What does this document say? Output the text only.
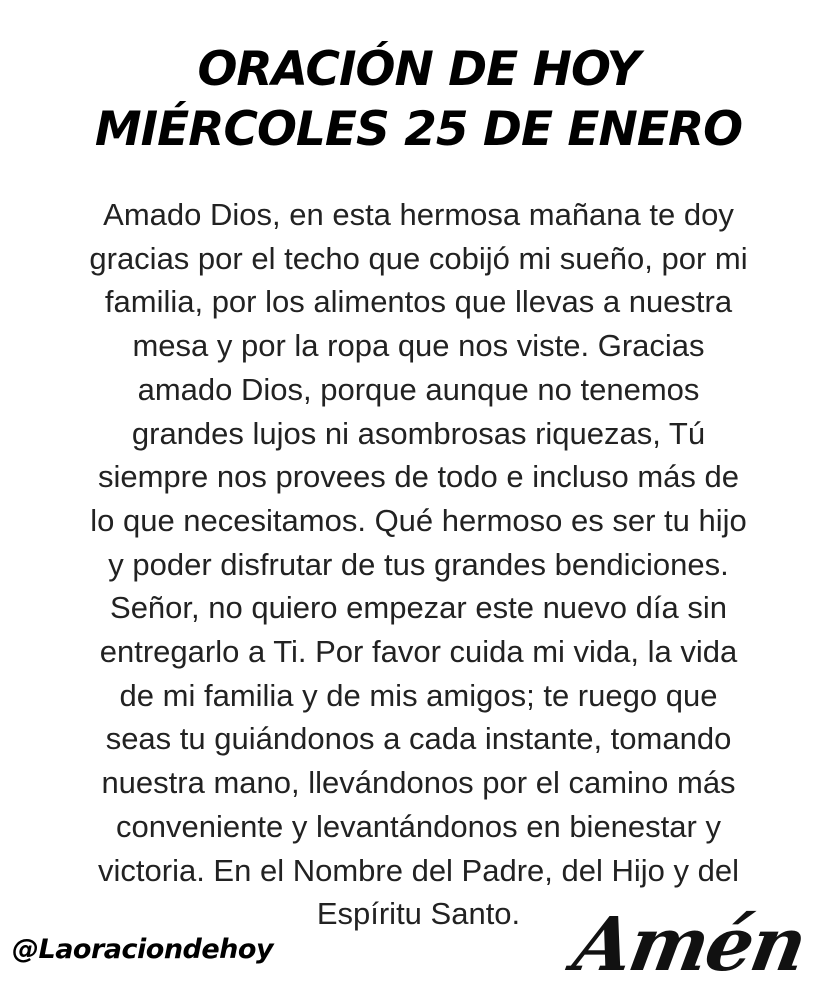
ORACIÓN DE HOY
MIÉRCOLES 25 DE ENERO
Amado Dios, en esta hermosa mañana te doy
gracias por el techo que cobijó mi sueño, por mi
familia, por los alimentos que llevas a nuestra
mesa y por la ropa que nos viste. Gracias
amado Dios, porque aunque no tenemos
grandes lujos ni asombrosas riquezas, Tú
siempre nos provees de todo e incluso más de
lo que necesitamos. Qué hermoso es ser tu hijo
y poder disfrutar de tus grandes bendiciones.
Señor, no quiero empezar este nuevo día sin
entregarlo a Ti. Por favor cuida mi vida, la vida
de mi familia y de mis amigos; te ruego que
seas tu guiándonos a cada instante, tomando
nuestra mano, llevándonos por el camino más
conveniente y levantándonos en bienestar y
victoria. En el Nombre del Padre, del Hijo y del
Espíritu Santo.
@Laoraciondehoy	Amén
